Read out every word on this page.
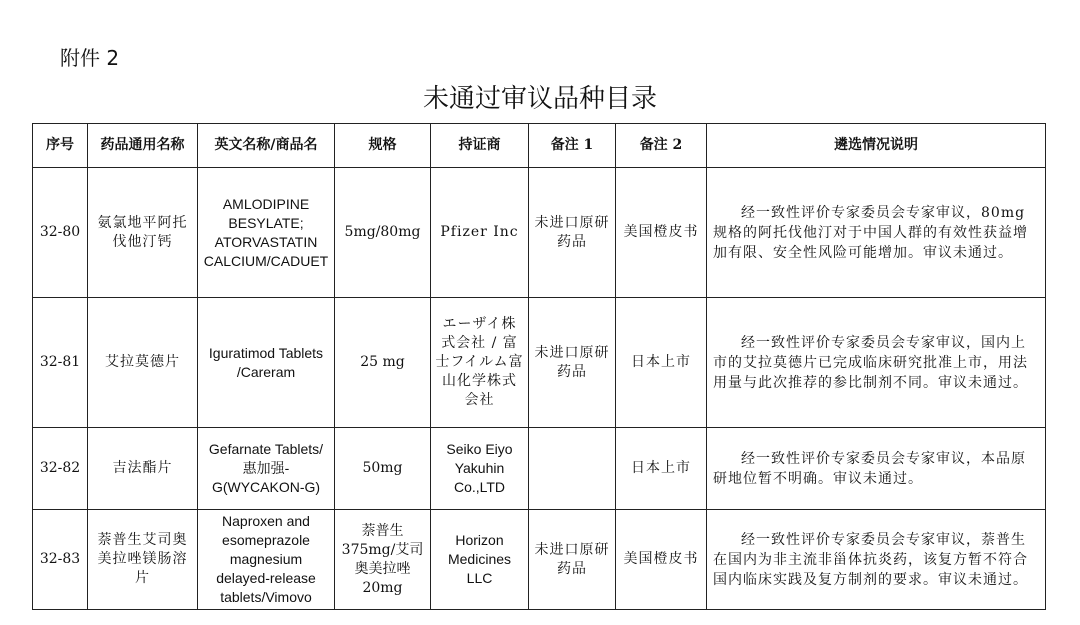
附件 2
未通过审议品种目录
序号	药品通用名称	英文名称/商品名	规格	持证商	备注 1	备注 2	遴选情况说明
32-80	氨氯地平阿托伐他汀钙	AMLODIPINE BESYLATE; ATORVASTATIN CALCIUM/CADUET	5mg/80mg	Pfizer Inc	未进口原研药品	美国橙皮书	经一致性评价专家委员会专家审议，80mg 规格的阿托伐他汀对于中国人群的有效性获益增加有限、安全性风险可能增加。审议未通过。

32-81	艾拉莫德片	Iguratimod Tablets /Careram	25 mg	エーザイ株式会社 / 富士フイルム富山化学株式会社	未进口原研药品	日本上市	经一致性评价专家委员会专家审议，国内上市的艾拉莫德片已完成临床研究批准上市，用法用量与此次推荐的参比制剂不同。审议未通过。

32-82	吉法酯片	Gefarnate Tablets/ 惠加强-G(WYCAKON-G)	50mg	Seiko Eiyo Yakuhin Co.,LTD		日本上市	经一致性评价专家委员会专家审议，本品原研地位暂不明确。审议未通过。

32-83	萘普生艾司奥美拉唑镁肠溶片	Naproxen and esomeprazole magnesium delayed-release tablets/Vimovo	萘普生 375mg/艾司奥美拉唑 20mg	Horizon Medicines LLC	未进口原研药品	美国橙皮书	经一致性评价专家委员会专家审议，萘普生在国内为非主流非甾体抗炎药，该复方暂不符合国内临床实践及复方制剂的要求。审议未通过。
